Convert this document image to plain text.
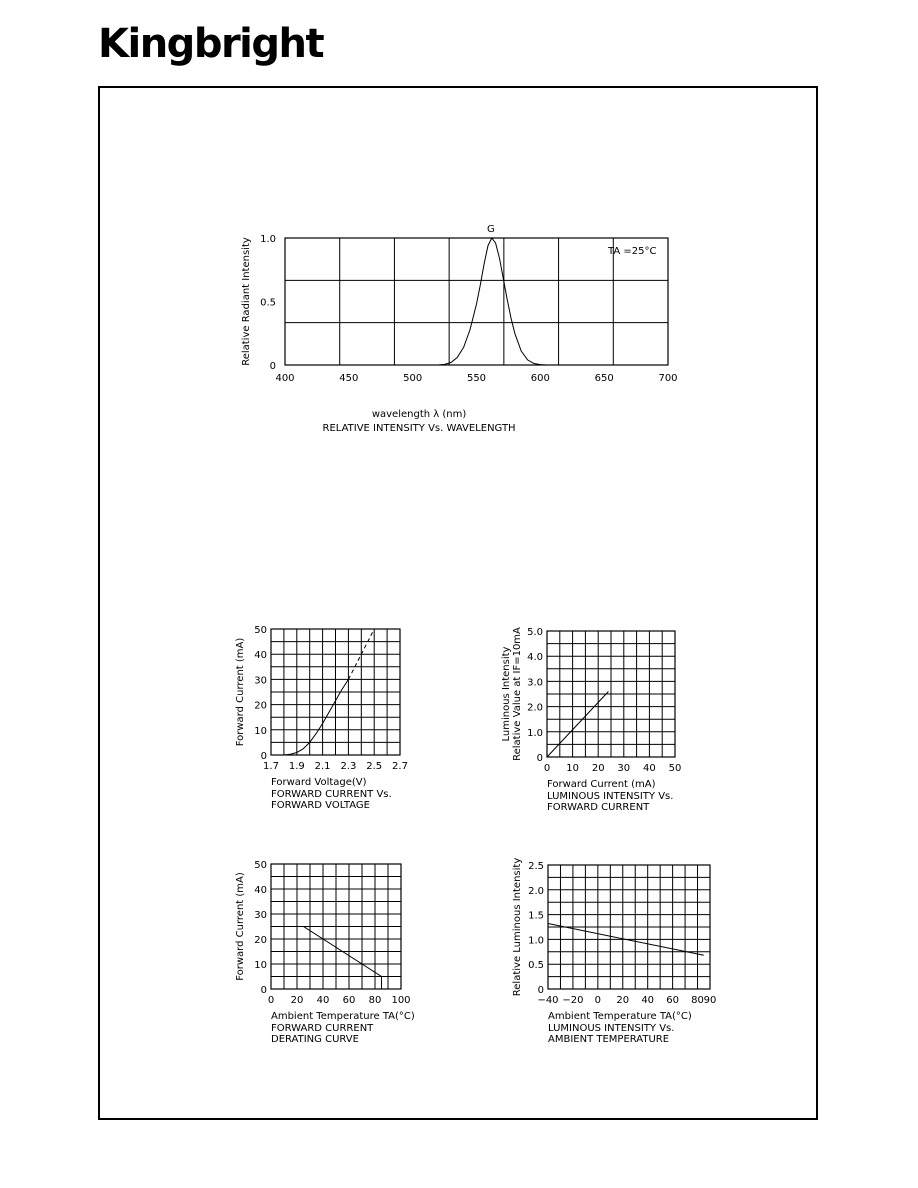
Kingbright
400	450	500	550	600	650	700
0
0.5
1.0
Relative Radiant Intensity
wavelength λ (nm)
RELATIVE INTENSITY Vs. WAVELENGTH
TA =25°C
G
1.7 1.9 2.1 2.3 2.5 2.7
0
10
20
30
40
50
Forward Current (mA)
Forward Voltage(V)
FORWARD CURRENT Vs.
FORWARD VOLTAGE
0 10 20 30 40 50
0
1.0
2.0
3.0
4.0
5.0
Luminous Intensity Relative Value at IF=10mA
Forward Current (mA)
LUMINOUS INTENSITY Vs.
FORWARD CURRENT
0 20 40 60 80 100
0
10
20
30
40
50
Forward Current (mA)
Ambient Temperature TA(°C)
FORWARD CURRENT
DERATING CURVE
−40 −20 0 20 40 60 80 90
0
0.5
1.0
1.5
2.0
2.5
Relative Luminous Intensity
Ambient Temperature TA(°C)
LUMINOUS INTENSITY Vs.
AMBIENT TEMPERATURE
